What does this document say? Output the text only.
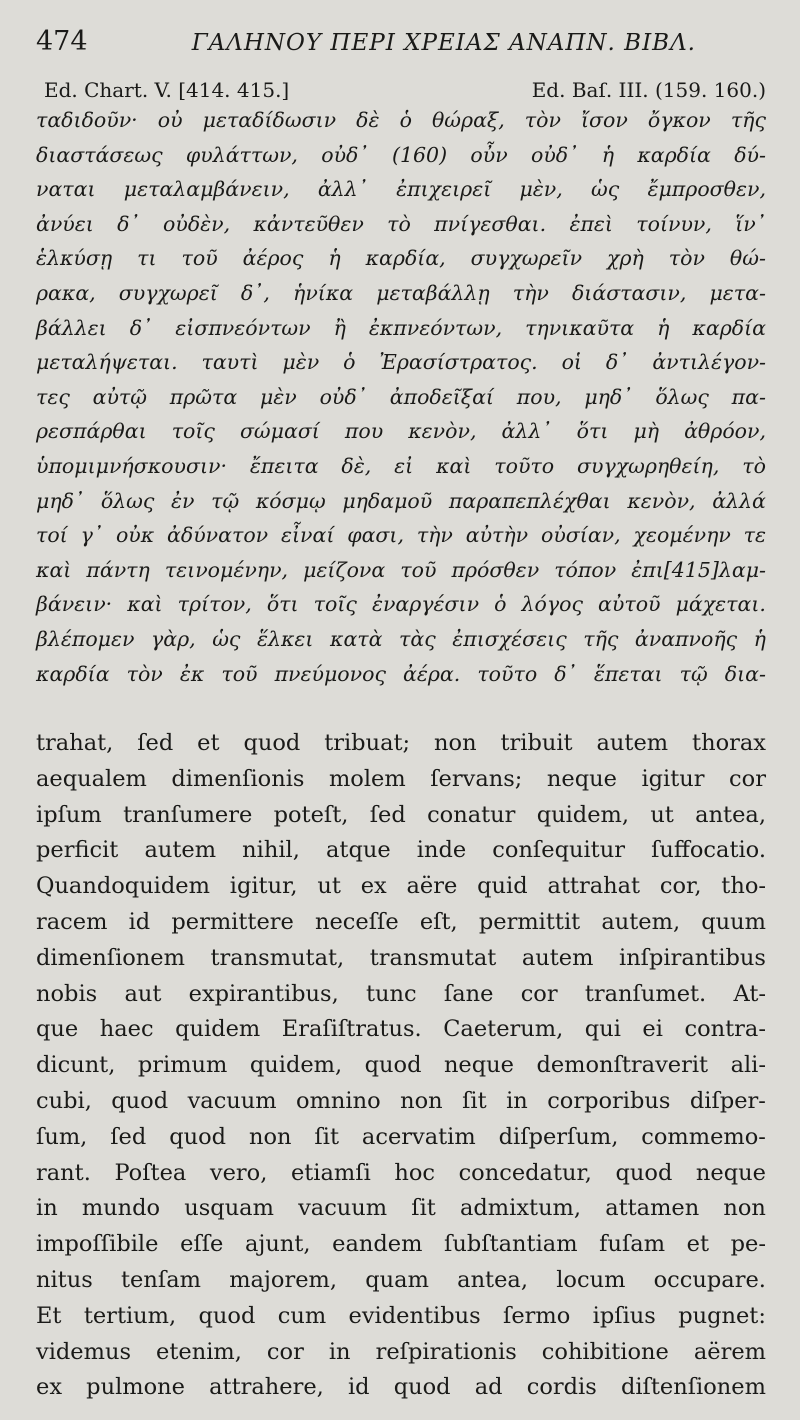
474	ΓΑΛΗΝΟΥ ΠΕΡΙ ΧΡΕΙΑΣ ΑΝΑΠΝ. ΒΙΒΛ.
Ed. Chart. V. [414. 415.]	Ed. Baſ. III. (159. 160.)
ταδιδοῦν· οὐ μεταδίδωσιν δὲ ὁ θώραξ, τὸν ἴσον ὄγκον τῆς
διαστάσεως φυλάττων, οὐδ᾽ (160) οὖν οὐδ᾽ ἡ καρδία δύ-
ναται μεταλαμβάνειν, ἀλλ᾽ ἐπιχειρεῖ μὲν, ὡς ἔμπροσθεν,
ἀνύει δ᾽ οὐδὲν, κἀντεῦθεν τὸ πνίγεσθαι. ἐπεὶ τοίνυν, ἵν᾽
ἑλκύσῃ τι τοῦ ἀέρος ἡ καρδία, συγχωρεῖν χρὴ τὸν θώ-
ρακα, συγχωρεῖ δ᾽, ἡνίκα μεταβάλλῃ τὴν διάστασιν, μετα-
βάλλει δ᾽ εἰσπνεόντων ἢ ἐκπνεόντων, τηνικαῦτα ἡ καρδία
μεταλήψεται. ταυτὶ μὲν ὁ Ἐρασίστρατος. οἱ δ᾽ ἀντιλέγον-
τες αὐτῷ πρῶτα μὲν οὐδ᾽ ἀποδεῖξαί που, μηδ᾽ ὅλως πα-
ρεσπάρθαι τοῖς σώμασί που κενὸν, ἀλλ᾽ ὅτι μὴ ἀθρόον,
ὑπομιμνήσκουσιν· ἔπειτα δὲ, εἰ καὶ τοῦτο συγχωρηθείη, τὸ
μηδ᾽ ὅλως ἐν τῷ κόσμῳ μηδαμοῦ παραπεπλέχθαι κενὸν, ἀλλά
τοί γ᾽ οὐκ ἀδύνατον εἶναί φασι, τὴν αὐτὴν οὐσίαν, χεομένην τε
καὶ πάντη τεινομένην, μείζονα τοῦ πρόσθεν τόπον ἐπι[415]λαμ-
βάνειν· καὶ τρίτον, ὅτι τοῖς ἐναργέσιν ὁ λόγος αὐτοῦ μάχεται.
βλέπομεν γὰρ, ὡς ἕλκει κατὰ τὰς ἐπισχέσεις τῆς ἀναπνοῆς ἡ
καρδία τὸν ἐκ τοῦ πνεύμονος ἀέρα. τοῦτο δ᾽ ἕπεται τῷ δια-
trahat, ſed et quod tribuat; non tribuit autem thorax
aequalem dimenſionis molem ſervans; neque igitur cor
ipſum tranſumere poteſt, ſed conatur quidem, ut antea,
perficit autem nihil, atque inde conſequitur ſuffocatio.
Quandoquidem igitur, ut ex aëre quid attrahat cor, tho-
racem id permittere neceſſe eſt, permittit autem, quum
dimenſionem transmutat, transmutat autem inſpirantibus
nobis aut expirantibus, tunc ſane cor tranſumet. At-
que haec quidem Eraſiſtratus. Caeterum, qui ei contra-
dicunt, primum quidem, quod neque demonſtraverit ali-
cubi, quod vacuum omnino non ſit in corporibus diſper-
ſum, ſed quod non ſit acervatim diſperſum, commemo-
rant. Poſtea vero, etiamſi hoc concedatur, quod neque
in mundo usquam vacuum ſit admixtum, attamen non
impoſſibile eſſe ajunt, eandem ſubſtantiam fuſam et pe-
nitus tenſam majorem, quam antea, locum occupare.
Et tertium, quod cum evidentibus ſermo ipſius pugnet:
videmus etenim, cor in reſpirationis cohibitione aërem
ex pulmone attrahere, id quod ad cordis diſtenſionem
